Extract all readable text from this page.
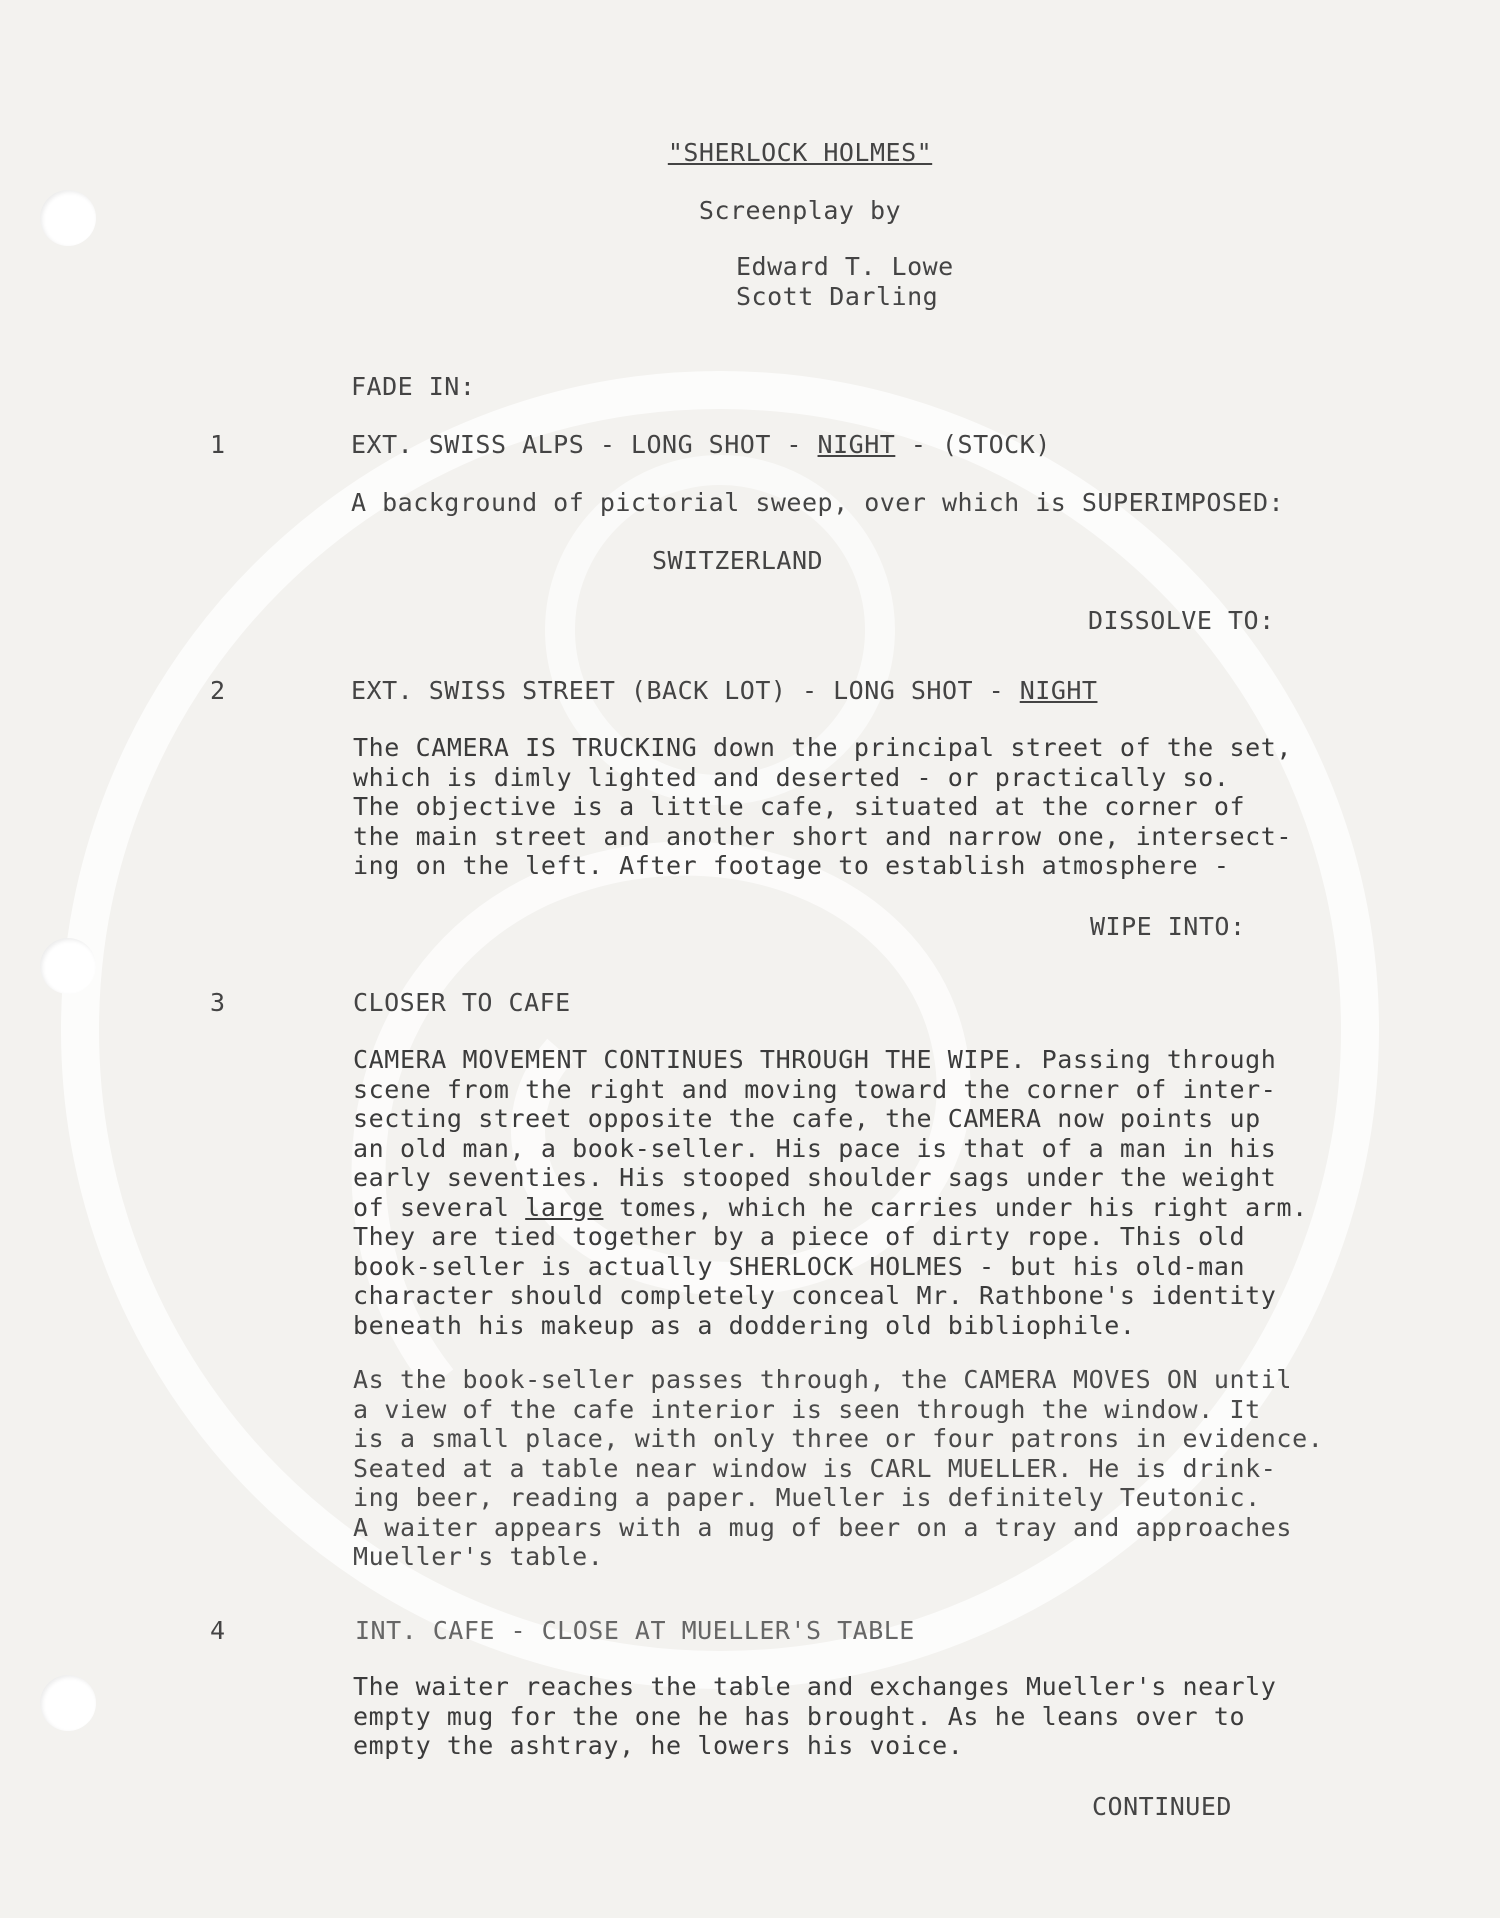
"SHERLOCK HOLMES"
Screenplay by
Edward T. Lowe
Scott Darling
FADE IN:
1	EXT. SWISS ALPS - LONG SHOT - NIGHT - (STOCK)
A background of pictorial sweep, over which is SUPERIMPOSED:
SWITZERLAND
DISSOLVE TO:
2	EXT. SWISS STREET (BACK LOT) - LONG SHOT - NIGHT
The CAMERA IS TRUCKING down the principal street of the set,
which is dimly lighted and deserted - or practically so.
The objective is a little cafe, situated at the corner of
the main street and another short and narrow one, intersect-
ing on the left. After footage to establish atmosphere -
WIPE INTO:
3	CLOSER TO CAFE
CAMERA MOVEMENT CONTINUES THROUGH THE WIPE. Passing through
scene from the right and moving toward the corner of inter-
secting street opposite the cafe, the CAMERA now points up
an old man, a book-seller. His pace is that of a man in his
early seventies. His stooped shoulder sags under the weight
of several large tomes, which he carries under his right arm.
They are tied together by a piece of dirty rope. This old
book-seller is actually SHERLOCK HOLMES - but his old-man
character should completely conceal Mr. Rathbone's identity
beneath his makeup as a doddering old bibliophile.
As the book-seller passes through, the CAMERA MOVES ON until
a view of the cafe interior is seen through the window. It
is a small place, with only three or four patrons in evidence.
Seated at a table near window is CARL MUELLER. He is drink-
ing beer, reading a paper. Mueller is definitely Teutonic.
A waiter appears with a mug of beer on a tray and approaches
Mueller's table.
4	INT. CAFE - CLOSE AT MUELLER'S TABLE
The waiter reaches the table and exchanges Mueller's nearly
empty mug for the one he has brought. As he leans over to
empty the ashtray, he lowers his voice.
CONTINUED
